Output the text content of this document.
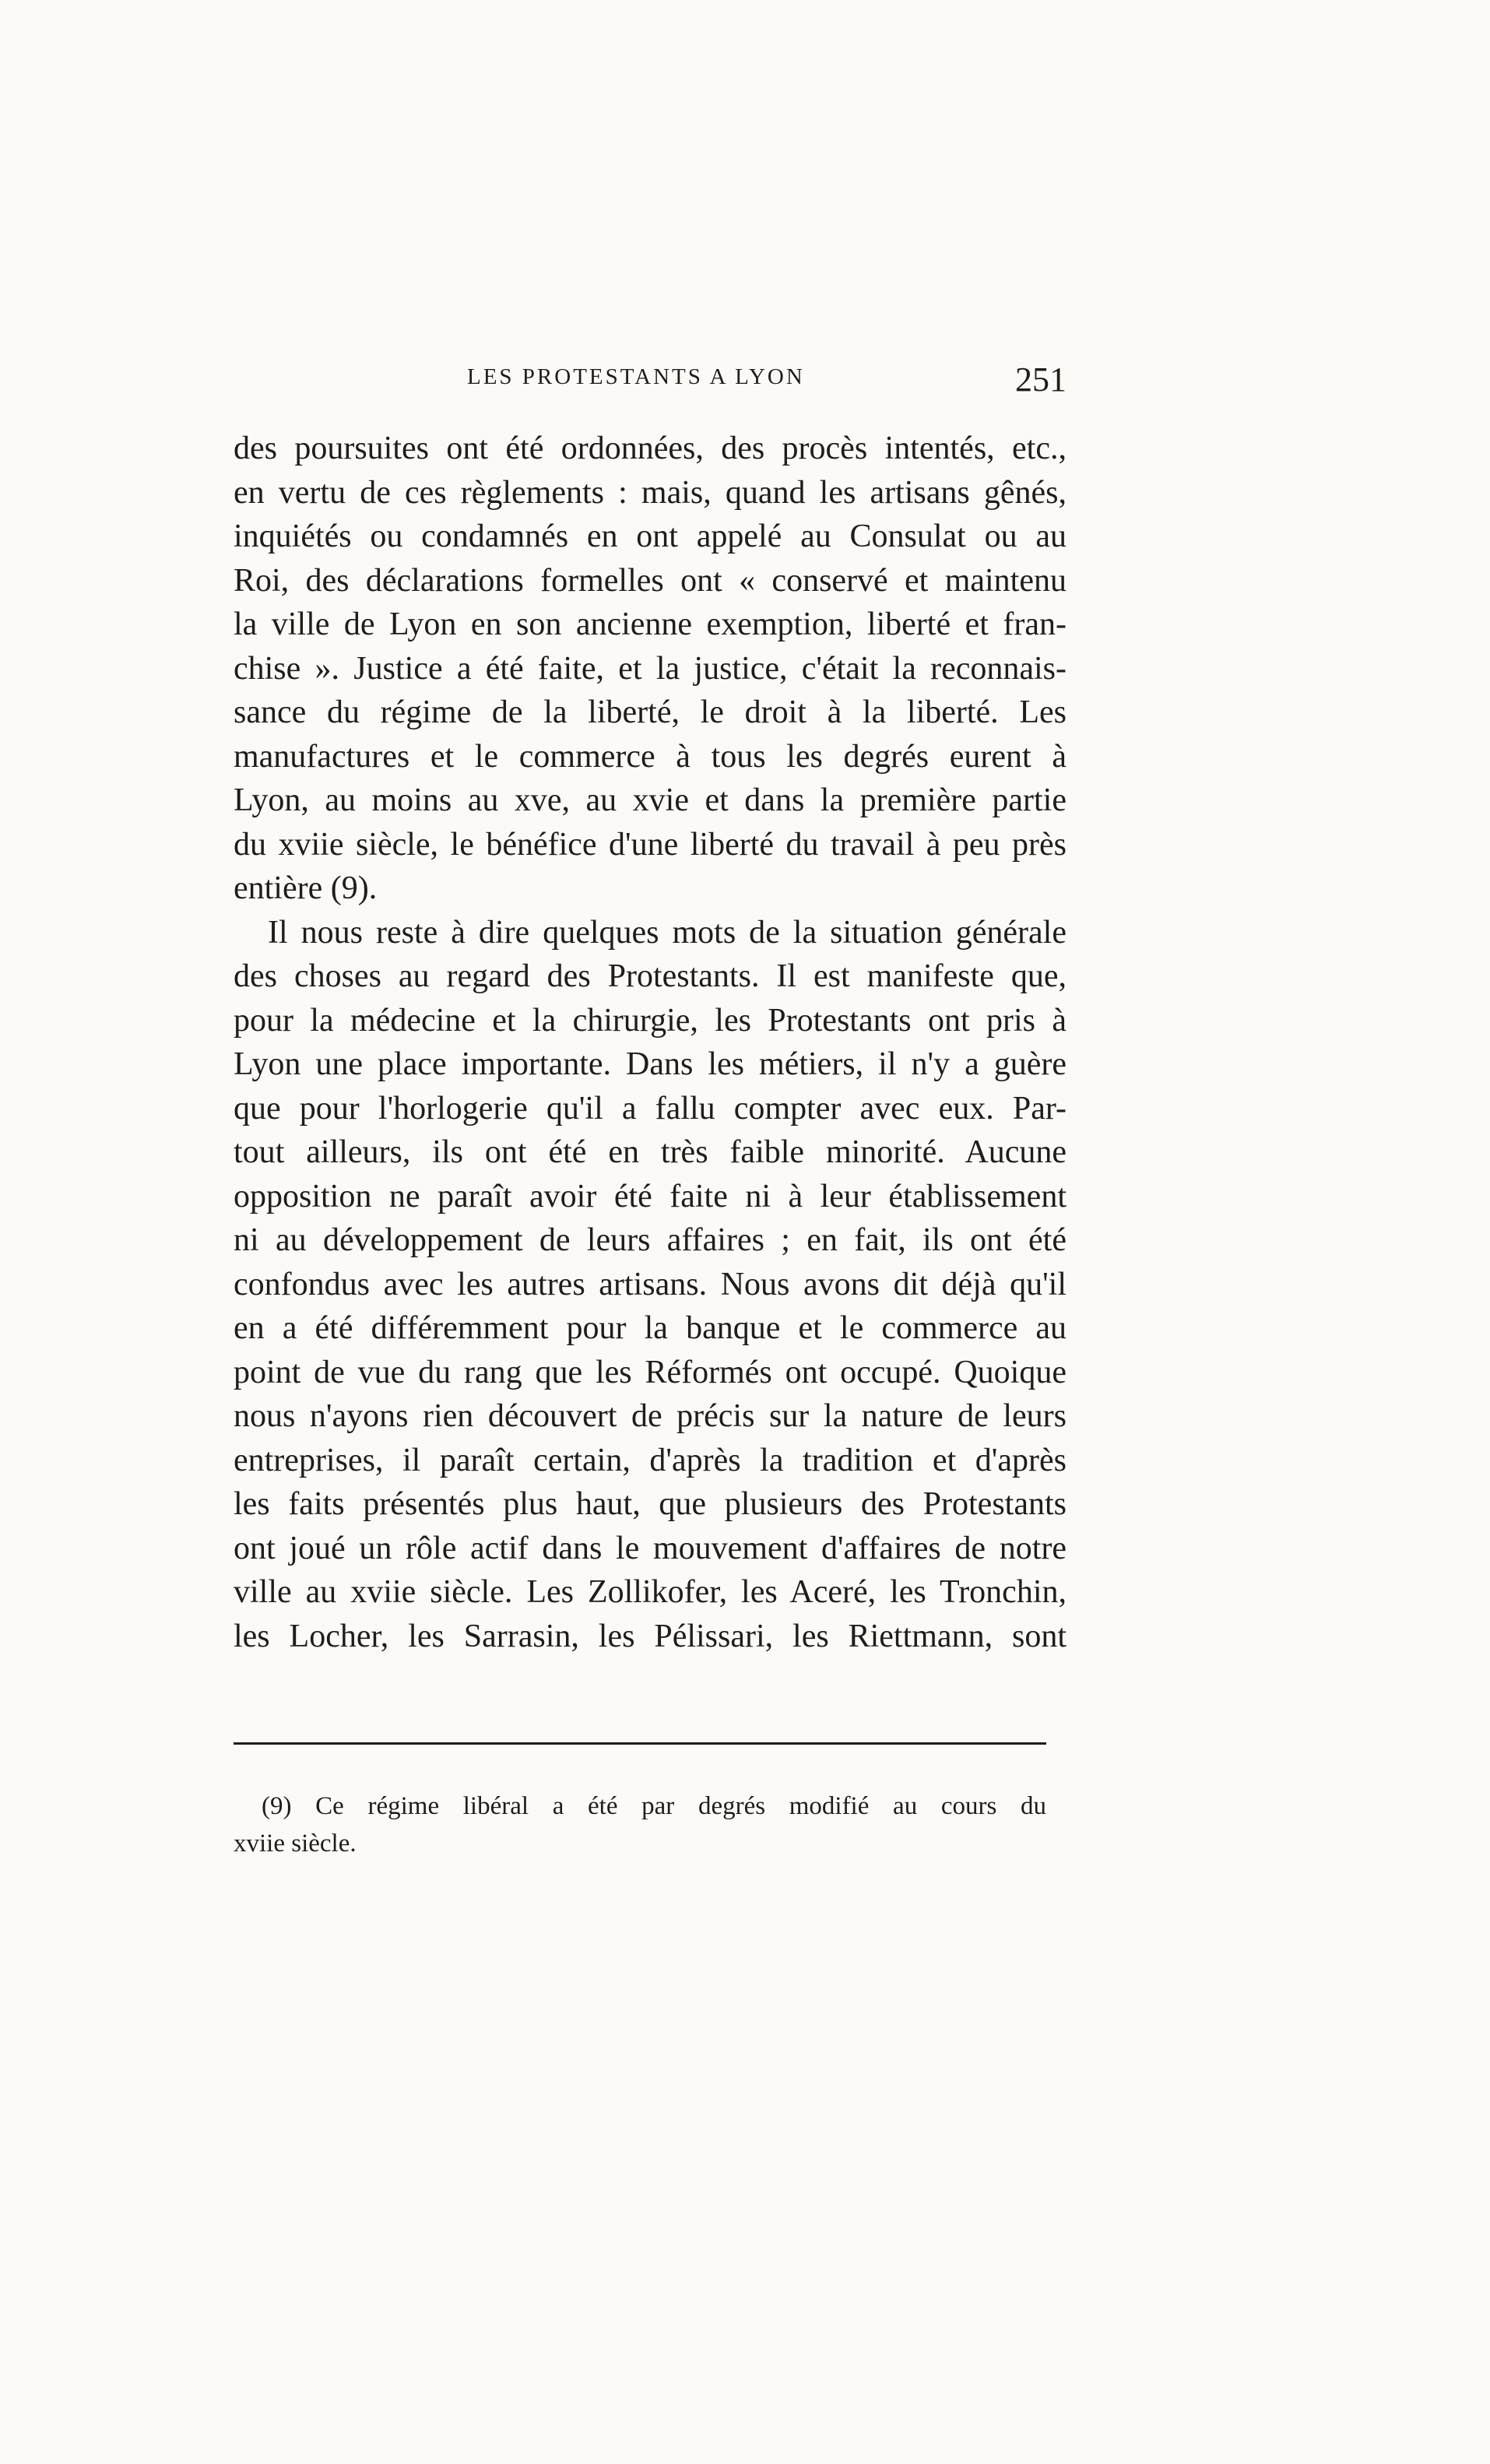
LES PROTESTANTS A LYON	251
des poursuites ont été ordonnées, des procès intentés, etc.,
en vertu de ces règlements : mais, quand les artisans gênés,
inquiétés ou condamnés en ont appelé au Consulat ou au
Roi, des déclarations formelles ont « conservé et maintenu
la ville de Lyon en son ancienne exemption, liberté et fran-
chise ». Justice a été faite, et la justice, c'était la reconnais-
sance du régime de la liberté, le droit à la liberté. Les
manufactures et le commerce à tous les degrés eurent à
Lyon, au moins au xve, au xvie et dans la première partie
du xviie siècle, le bénéfice d'une liberté du travail à peu près
entière (9).
Il nous reste à dire quelques mots de la situation générale
des choses au regard des Protestants. Il est manifeste que,
pour la médecine et la chirurgie, les Protestants ont pris à
Lyon une place importante. Dans les métiers, il n'y a guère
que pour l'horlogerie qu'il a fallu compter avec eux. Par-
tout ailleurs, ils ont été en très faible minorité. Aucune
opposition ne paraît avoir été faite ni à leur établissement
ni au développement de leurs affaires ; en fait, ils ont été
confondus avec les autres artisans. Nous avons dit déjà qu'il
en a été différemment pour la banque et le commerce au
point de vue du rang que les Réformés ont occupé. Quoique
nous n'ayons rien découvert de précis sur la nature de leurs
entreprises, il paraît certain, d'après la tradition et d'après
les faits présentés plus haut, que plusieurs des Protestants
ont joué un rôle actif dans le mouvement d'affaires de notre
ville au xviie siècle. Les Zollikofer, les Aceré, les Tronchin,
les Locher, les Sarrasin, les Pélissari, les Riettmann, sont
(9) Ce régime libéral a été par degrés modifié au cours du
xviie siècle.
